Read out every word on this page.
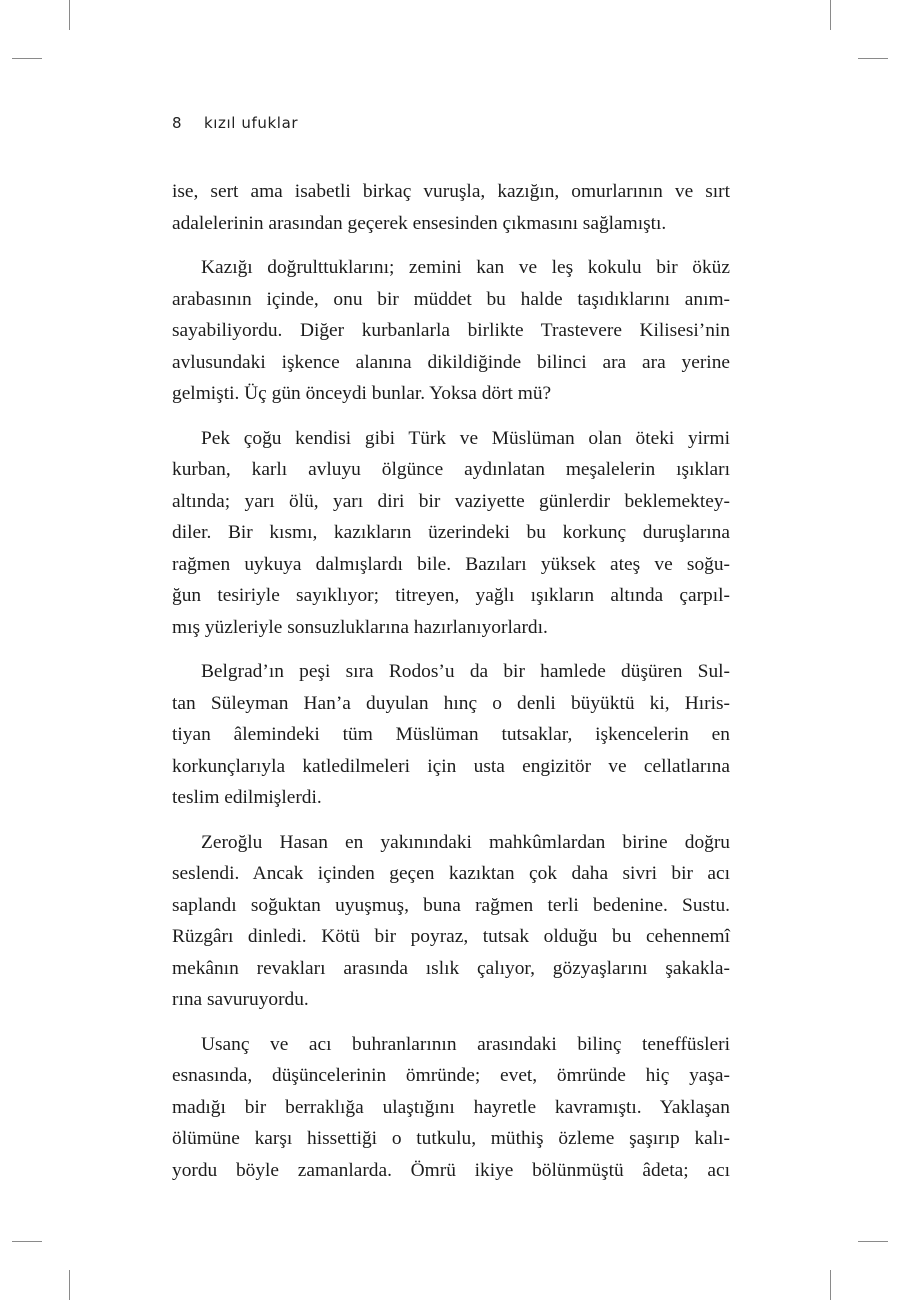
8 kızıl ufuklar
ise, sert ama isabetli birkaç vuruşla, kazığın, omurlarının ve sırt
adalelerinin arasından geçerek ensesinden çıkmasını sağlamıştı.
Kazığı doğrulttuklarını; zemini kan ve leş kokulu bir öküz
arabasının içinde, onu bir müddet bu halde taşıdıklarını anım-
sayabiliyordu. Diğer kurbanlarla birlikte Trastevere Kilisesi’nin
avlusundaki işkence alanına dikildiğinde bilinci ara ara yerine
gelmişti. Üç gün önceydi bunlar. Yoksa dört mü?
Pek çoğu kendisi gibi Türk ve Müslüman olan öteki yirmi
kurban, karlı avluyu ölgünce aydınlatan meşalelerin ışıkları
altında; yarı ölü, yarı diri bir vaziyette günlerdir beklemektey-
diler. Bir kısmı, kazıkların üzerindeki bu korkunç duruşlarına
rağmen uykuya dalmışlardı bile. Bazıları yüksek ateş ve soğu-
ğun tesiriyle sayıklıyor; titreyen, yağlı ışıkların altında çarpıl-
mış yüzleriyle sonsuzluklarına hazırlanıyorlardı.
Belgrad’ın peşi sıra Rodos’u da bir hamlede düşüren Sul-
tan Süleyman Han’a duyulan hınç o denli büyüktü ki, Hıris-
tiyan âlemindeki tüm Müslüman tutsaklar, işkencelerin en
korkunçlarıyla katledilmeleri için usta engizitör ve cellatlarına
teslim edilmişlerdi.
Zeroğlu Hasan en yakınındaki mahkûmlardan birine doğru
seslendi. Ancak içinden geçen kazıktan çok daha sivri bir acı
saplandı soğuktan uyuşmuş, buna rağmen terli bedenine. Sustu.
Rüzgârı dinledi. Kötü bir poyraz, tutsak olduğu bu cehennemî
mekânın revakları arasında ıslık çalıyor, gözyaşlarını şakakla-
rına savuruyordu.
Usanç ve acı buhranlarının arasındaki bilinç teneffüsleri
esnasında, düşüncelerinin ömründe; evet, ömründe hiç yaşa-
madığı bir berraklığa ulaştığını hayretle kavramıştı. Yaklaşan
ölümüne karşı hissettiği o tutkulu, müthiş özleme şaşırıp kalı-
yordu böyle zamanlarda. Ömrü ikiye bölünmüştü âdeta; acı
